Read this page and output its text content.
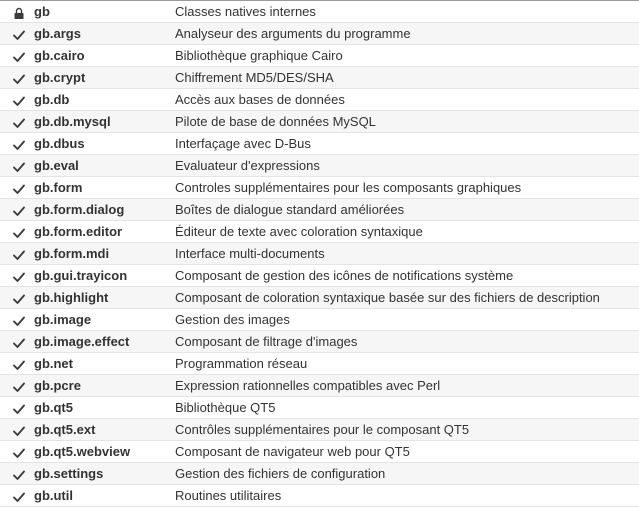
gb	Classes natives internes
gb.args	Analyseur des arguments du programme
gb.cairo	Bibliothèque graphique Cairo
gb.crypt	Chiffrement MD5/DES/SHA
gb.db	Accès aux bases de données
gb.db.mysql	Pilote de base de données MySQL
gb.dbus	Interfaçage avec D-Bus
gb.eval	Evaluateur d'expressions
gb.form	Controles supplémentaires pour les composants graphiques
gb.form.dialog	Boîtes de dialogue standard améliorées
gb.form.editor	Éditeur de texte avec coloration syntaxique
gb.form.mdi	Interface multi-documents
gb.gui.trayicon	Composant de gestion des icônes de notifications système
gb.highlight	Composant de coloration syntaxique basée sur des fichiers de description
gb.image	Gestion des images
gb.image.effect	Composant de filtrage d'images
gb.net	Programmation réseau
gb.pcre	Expression rationnelles compatibles avec Perl
gb.qt5	Bibliothèque QT5
gb.qt5.ext	Contrôles supplémentaires pour le composant QT5
gb.qt5.webview	Composant de navigateur web pour QT5
gb.settings	Gestion des fichiers de configuration
gb.util	Routines utilitaires
